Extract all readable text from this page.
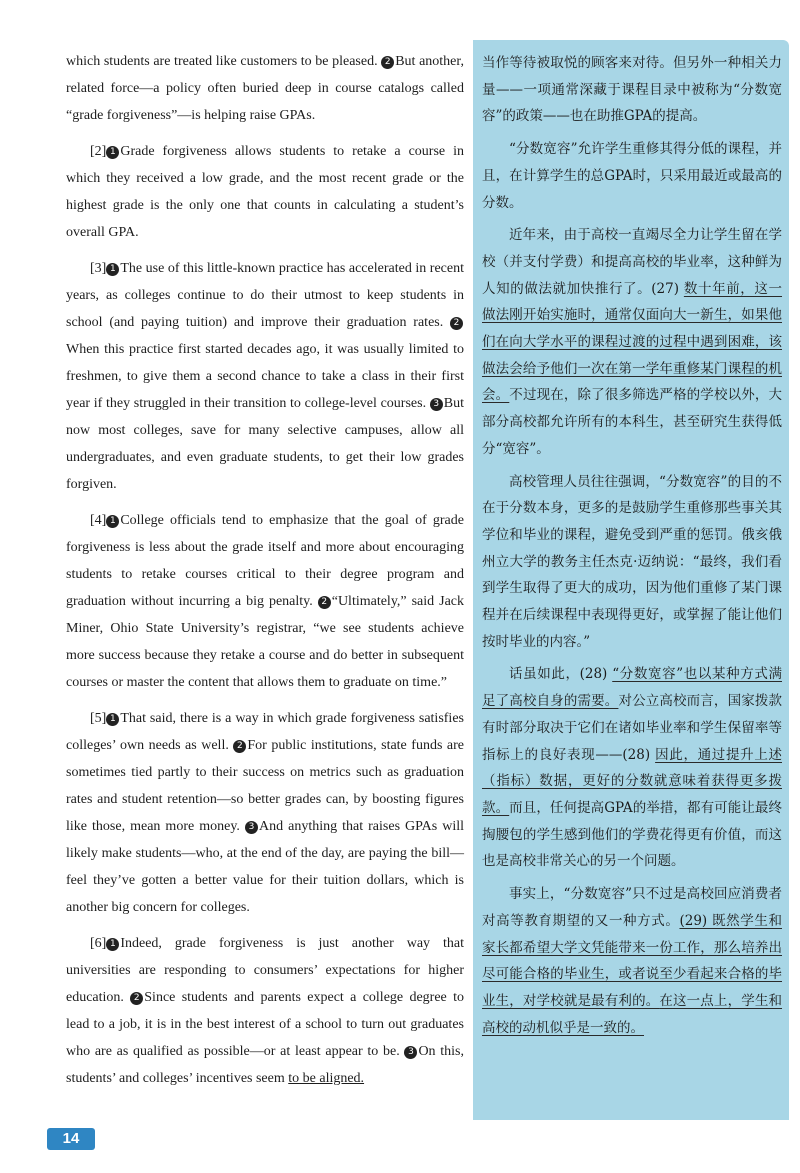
which students are treated like customers to be pleased. 2 But another, related force—a policy often buried deep in course catalogs called “grade forgiveness”—is helping raise GPAs.

[2] 1 Grade forgiveness allows students to retake a course in which they received a low grade, and the most recent grade or the highest grade is the only one that counts in calculating a student’s overall GPA.

[3] 1 The use of this little-known practice has accelerated in recent years, as colleges continue to do their utmost to keep students in school (and paying tuition) and improve their graduation rates. 2When this practice first started decades ago, it was usually limited to freshmen, to give them a second chance to take a class in their first year if they struggled in their transition to college-level courses. 3 But now most colleges, save for many selective campuses, allow all undergraduates, and even graduate students, to get their low grades forgiven.

[4] 1 College officials tend to emphasize that the goal of grade forgiveness is less about the grade itself and more about encouraging students to retake courses critical to their degree program and graduation without incurring a big penalty. 2 “Ultimately,” said Jack Miner, Ohio State University’s registrar, “we see students achieve more success because they retake a course and do better in subsequent courses or master the content that allows them to graduate on time.”

[5] 1 That said, there is a way in which grade forgiveness satisfies colleges’ own needs as well. 2 For public institutions, state funds are sometimes tied partly to their success on metrics such as graduation rates and student retention—so better grades can, by boosting figures like those, mean more money. 3 And anything that raises GPAs will likely make students—who, at the end of the day, are paying the bill—feel they’ve gotten a better value for their tuition dollars, which is another big concern for colleges.

[6] 1 Indeed, grade forgiveness is just another way that universities are responding to consumers’ expectations for higher education. 2 Since students and parents expect a college degree to lead to a job, it is in the best interest of a school to turn out graduates who are as qualified as possible—or at least appear to be. 3 On this, students’ and colleges’ incentives seem to be aligned.

当作等待被取悦的顾客来对待。但另外一种相关力量——一项通常深藏于课程目录中被称为“分数宽容”的政策——也在助推GPA的提高。

“分数宽容”允许学生重修其得分低的课程，并且，在计算学生的总GPA时，只采用最近或最高的分数。

近年来，由于高校一直竭尽全力让学生留在学校（并支付学费）和提高高校的毕业率，这种鲜为人知的做法就加快推行了。(27) 数十年前，这一做法刚开始实施时，通常仅面向大一新生，如果他们在向大学水平的课程过渡的过程中遇到困难，该做法会给予他们一次在第一学年重修某门课程的机会。不过现在，除了很多筛选严格的学校以外，大部分高校都允许所有的本科生，甚至研究生获得低分“宽容”。

高校管理人员往往强调，“分数宽容”的目的不在于分数本身，更多的是鼓励学生重修那些事关其学位和毕业的课程，避免受到严重的惩罚。俄亥俄州立大学的教务主任杰克·迈纳说：“最终，我们看到学生取得了更大的成功，因为他们重修了某门课程并在后续课程中表现得更好，或掌握了能让他们按时毕业的内容。”

话虽如此，(28) “分数宽容”也以某种方式满足了高校自身的需要。对公立高校而言，国家拨款有时部分取决于它们在诸如毕业率和学生保留率等指标上的良好表现——(28) 因此，通过提升上述（指标）数据，更好的分数就意味着获得更多拨款。而且，任何提高GPA的举措，都有可能让最终掏腰包的学生感到他们的学费花得更有价值，而这也是高校非常关心的另一个问题。

事实上，“分数宽容”只不过是高校回应消费者对高等教育期望的又一种方式。(29) 既然学生和家长都希望大学文凭能带来一份工作，那么培养出尽可能合格的毕业生，或者说至少看起来合格的毕业生，对学校就是最有利的。在这一点上，学生和高校的动机似乎是一致的。

14
